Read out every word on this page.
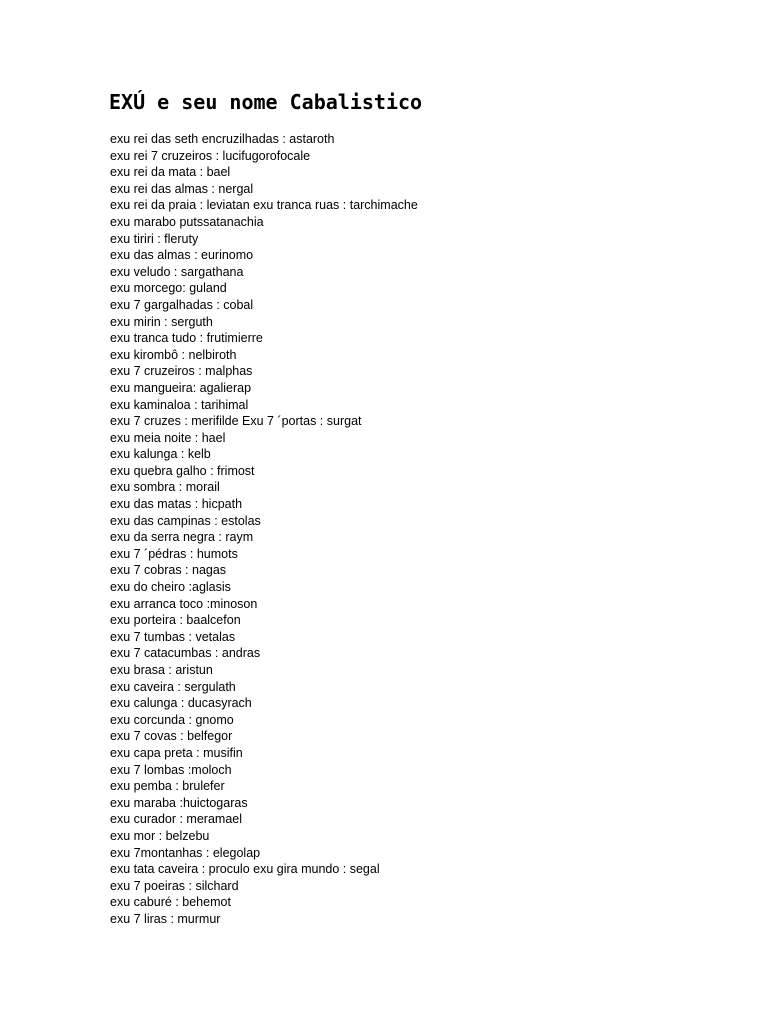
EXÚ e seu nome Cabalistico
exu rei das seth encruzilhadas : astaroth
exu rei 7 cruzeiros : lucifugorofocale
exu rei da mata : bael
exu rei das almas : nergal
exu rei da praia : leviatan exu tranca ruas : tarchimache
exu marabo putssatanachia
exu tiriri : fleruty
exu das almas : eurinomo
exu veludo : sargathana
exu morcego: guland
exu 7 gargalhadas : cobal
exu mirin : serguth
exu tranca tudo : frutimierre
exu kirombô : nelbiroth
exu 7 cruzeiros : malphas
exu mangueira: agalierap
exu kaminaloa : tarihimal
exu 7 cruzes : merifilde Exu 7 ´portas : surgat
exu meia noite : hael
exu kalunga : kelb
exu quebra galho : frimost
exu sombra : morail
exu das matas : hicpath
exu das campinas : estolas
exu da serra negra : raym
exu 7 ´pédras : humots
exu 7 cobras : nagas
exu do cheiro :aglasis
exu arranca toco :minoson
exu porteira : baalcefon
exu 7 tumbas : vetalas
exu 7 catacumbas : andras
exu brasa : aristun
exu caveira : sergulath
exu calunga : ducasyrach
exu corcunda : gnomo
exu 7 covas : belfegor
exu capa preta : musifin
exu 7 lombas :moloch
exu pemba : brulefer
exu maraba :huictogaras
exu curador : meramael
exu mor : belzebu
exu 7montanhas : elegolap
exu tata caveira : proculo exu gira mundo : segal
exu 7 poeiras : silchard
exu caburé : behemot
exu 7 liras : murmur
